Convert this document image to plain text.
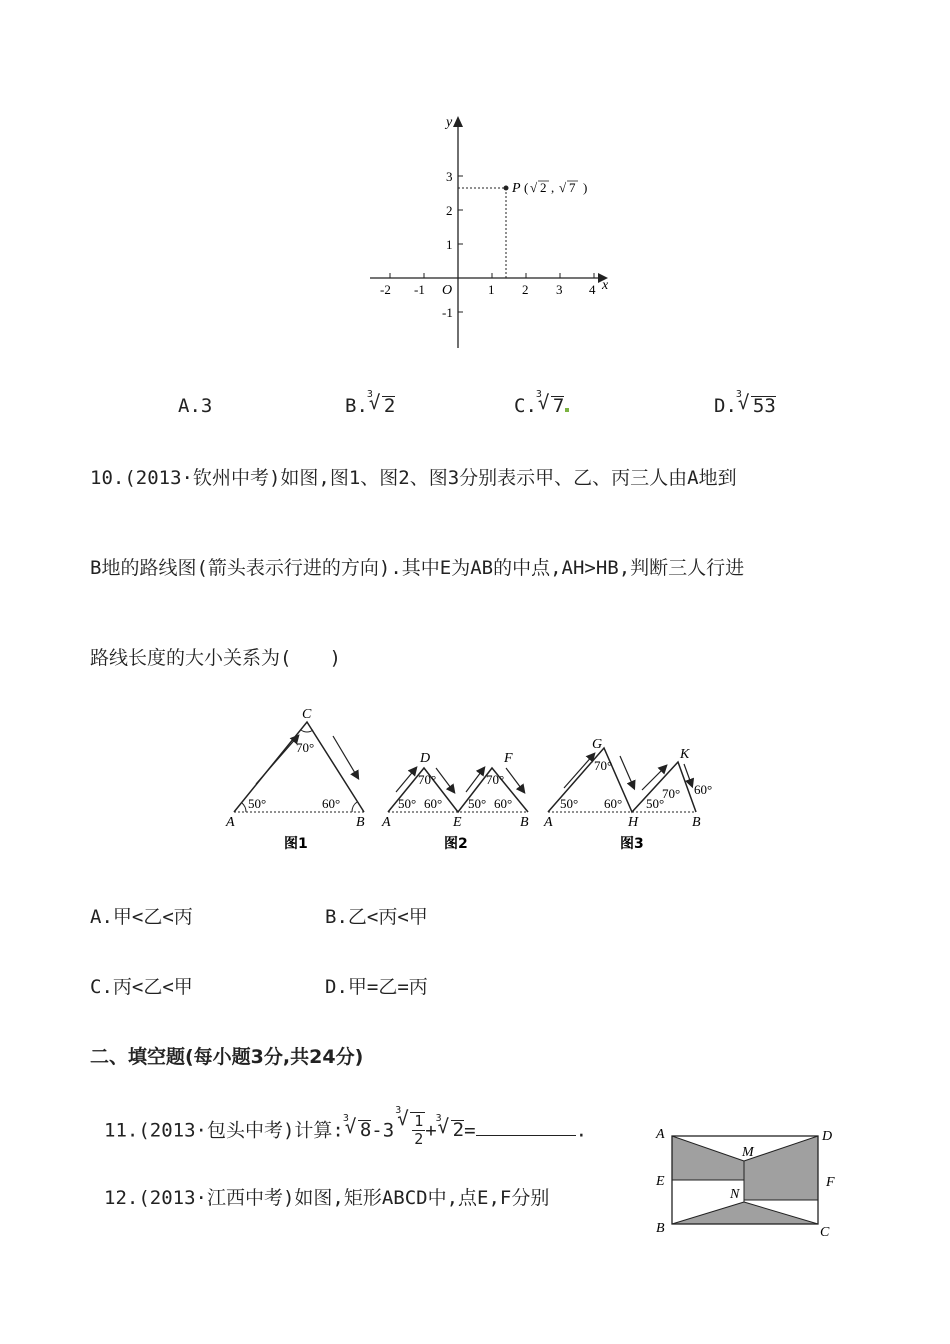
y
x
O
3
2
1
-1
-2 -1	1 2 3 4
P ( √ 2 , √ 7 )
A.3	B.
√ 3
2	C.
√ 3
7	D.
√ 3
53
10.(2013·钦州中考)如图,图1、图2、图3分别表示甲、乙、丙三人由A地到
B地的路线图(箭头表示行进的方向).其中E为AB的中点,AH>HB,判断三人行进
路线长度的大小关系为(　　)
A	B
C
50°	60°
70°
图1
A	E	B
D	F
70°	70°
50° 60° 50° 60°
图2
A	H	B
G
K
70°
70°
50° 60° 50°
60°
图3
A.甲<乙<丙	B.乙<丙<甲
C.丙<乙<甲	D.甲=乙=丙
二、填空题(每小题3分,共24分)
11.(2013·包头中考)计算:
√ 3
8-3
√ 3
$\frac{1}{2}$ +
√ 3
2=	.
12.(2013·江西中考)如图,矩形ABCD中,点E,F分别
A	D
E	F
B	C
M
N
